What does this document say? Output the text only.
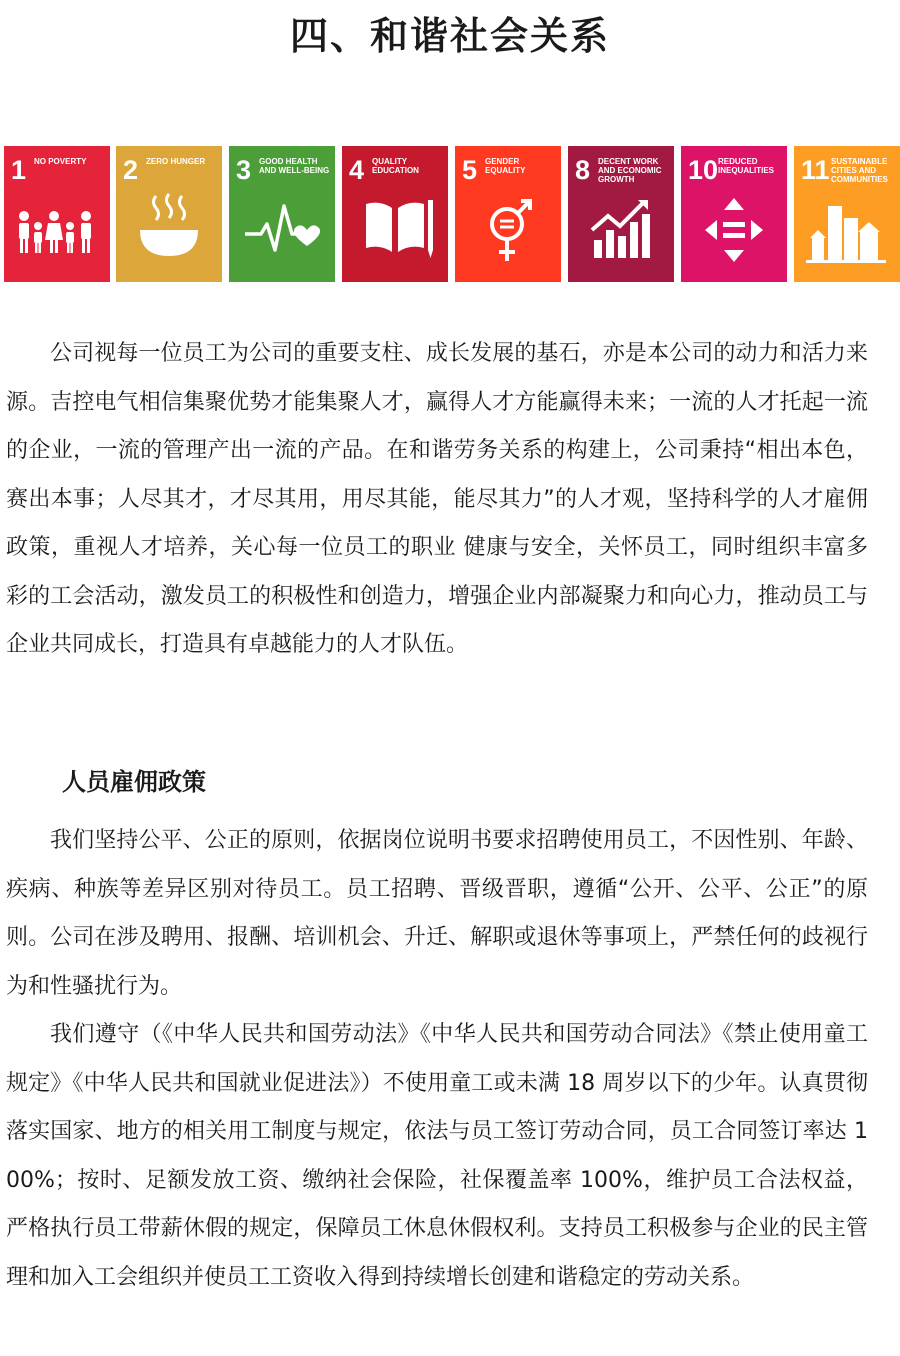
四、和谐社会关系
1 NO POVERTY	2 ZERO HUNGER	3 GOOD HEALTH AND WELL-BEING 4 QUALITY EDUCATION	5 GENDER EQUALITY	8 DECENT WORK AND ECONOMIC GROWTH	10 REDUCED INEQUALITIES 11 SUSTAINABLE CITIES AND COMMUNITIES

公司视每一位员工为公司的重要支柱、成长发展的基石，亦是本公司的动力和活力来源。吉控电气相信集聚优势才能集聚人才，赢得人才方能赢得未来；一流的人才托起一流的企业，一流的管理产出一流的产品。在和谐劳务关系的构建上，公司秉持“相出本色，赛出本事；人尽其才，才尽其用，用尽其能，能尽其力”的人才观，坚持科学的人才雇佣政策，重视人才培养，关心每一位员工的职业 健康与安全，关怀员工，同时组织丰富多彩的工会活动，激发员工的积极性和创造力，增强企业内部凝聚力和向心力，推动员工与企业共同成长，打造具有卓越能力的人才队伍。

人员雇佣政策

我们坚持公平、公正的原则，依据岗位说明书要求招聘使用员工，不因性别、年龄、疾病、种族等差异区别对待员工。员工招聘、晋级晋职，遵循“公开、公平、公正”的原则。公司在涉及聘用、报酬、培训机会、升迁、解职或退休等事项上，严禁任何的歧视行为和性骚扰行为。

我们遵守（《中华人民共和国劳动法》《中华人民共和国劳动合同法》《禁止使用童工规定》《中华人民共和国就业促进法》）不使用童工或未满 18 周岁以下的少年。认真贯彻落实国家、地方的相关用工制度与规定，依法与员工签订劳动合同，员工合同签订率达 100%；按时、足额发放工资、缴纳社会保险，社保覆盖率 100%，维护员工合法权益，严格执行员工带薪休假的规定，保障员工休息休假权利。支持员工积极参与企业的民主管理和加入工会组织并使员工工资收入得到持续增长创建和谐稳定的劳动关系。
